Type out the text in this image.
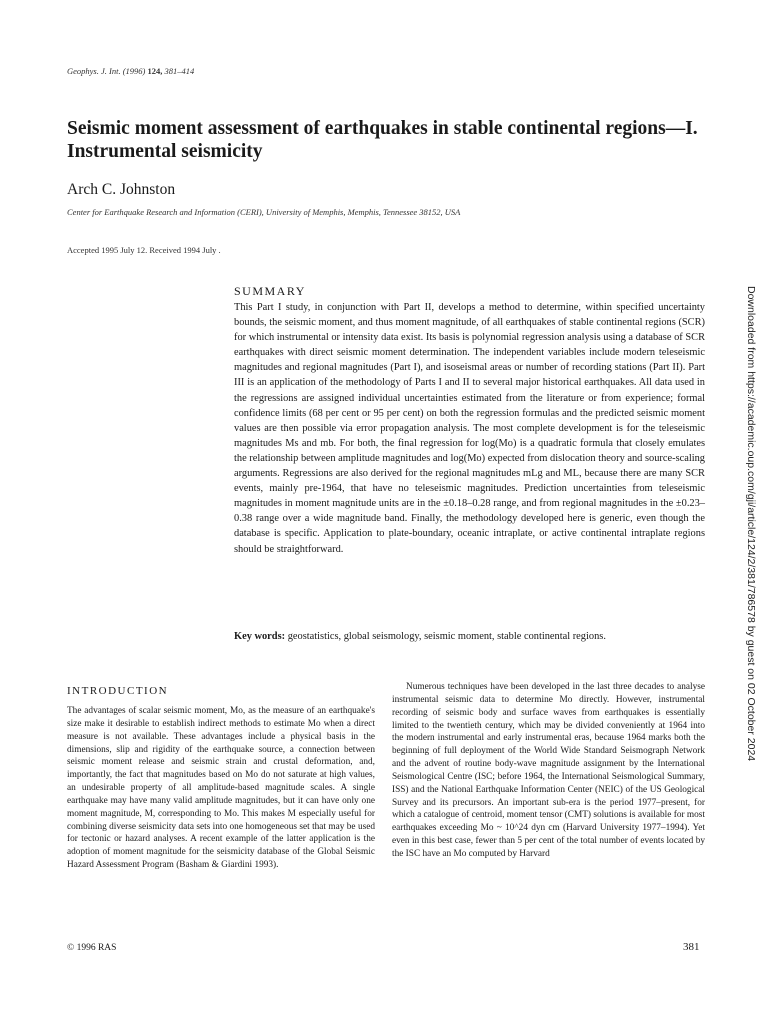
Geophys. J. Int. (1996) 124, 381–414
Seismic moment assessment of earthquakes in stable continental regions—I. Instrumental seismicity
Arch C. Johnston
Center for Earthquake Research and Information (CERI), University of Memphis, Memphis, Tennessee 38152, USA
Accepted 1995 July 12. Received 1994 July .
SUMMARY
This Part I study, in conjunction with Part II, develops a method to determine, within specified uncertainty bounds, the seismic moment, and thus moment magnitude, of all earthquakes of stable continental regions (SCR) for which instrumental or intensity data exist. Its basis is polynomial regression analysis using a database of SCR earthquakes with direct seismic moment determination. The independent variables include modern teleseismic magnitudes and regional magnitudes (Part I), and isoseismal areas or number of recording stations (Part II). Part III is an application of the methodology of Parts I and II to several major historical earthquakes. All data used in the regressions are assigned individual uncertainties estimated from the literature or from experience; formal confidence limits (68 per cent or 95 per cent) on both the regression formulas and the predicted seismic moment values are then possible via error propagation analysis. The most complete development is for the teleseismic magnitudes Ms and mb. For both, the final regression for log(Mo) is a quadratic formula that closely emulates the relationship between amplitude magnitudes and log(Mo) expected from dislocation theory and source-scaling arguments. Regressions are also derived for the regional magnitudes mLg and ML, because there are many SCR events, mainly pre-1964, that have no teleseismic magnitudes. Prediction uncertainties from teleseismic magnitudes in moment magnitude units are in the ±0.18–0.28 range, and from regional magnitudes in the ±0.23–0.38 range over a wide magnitude band. Finally, the methodology developed here is generic, even though the database is specific. Application to plate-boundary, oceanic intraplate, or active continental intraplate regions should be straightforward.
Key words: geostatistics, global seismology, seismic moment, stable continental regions.
INTRODUCTION
The advantages of scalar seismic moment, Mo, as the measure of an earthquake's size make it desirable to establish indirect methods to estimate Mo when a direct measure is not available. These advantages include a physical basis in the dimensions, slip and rigidity of the earthquake source, a connection between seismic moment release and seismic strain and crustal deformation, and, importantly, the fact that magnitudes based on Mo do not saturate at high values, an undesirable property of all amplitude-based magnitude scales. A single earthquake may have many valid amplitude magnitudes, but it can have only one moment magnitude, M, corresponding to Mo. This makes M especially useful for combining diverse seismicity data sets into one homogeneous set that may be used for tectonic or hazard analyses. A recent example of the latter application is the adoption of moment magnitude for the seismicity database of the Global Seismic Hazard Assessment Program (Basham & Giardini 1993).
Numerous techniques have been developed in the last three decades to analyse instrumental seismic data to determine Mo directly. However, instrumental recording of seismic body and surface waves from earthquakes is essentially limited to the twentieth century, which may be divided conveniently at 1964 into the modern instrumental and early instrumental eras, because 1964 marks both the beginning of full deployment of the World Wide Standard Seismograph Network and the advent of routine body-wave magnitude assignment by the International Seismological Centre (ISC; before 1964, the International Seismological Summary, ISS) and the National Earthquake Information Center (NEIC) of the US Geological Survey and its precursors. An important sub-era is the period 1977–present, for which a catalogue of centroid, moment tensor (CMT) solutions is available for most earthquakes exceeding Mo ~ 10^24 dyn cm (Harvard University 1977–1994). Yet even in this best case, fewer than 5 per cent of the total number of events located by the ISC have an Mo computed by Harvard
© 1996 RAS	381
Downloaded from https://academic.oup.com/gji/article/124/2/381/786578 by guest on 02 October 2024
